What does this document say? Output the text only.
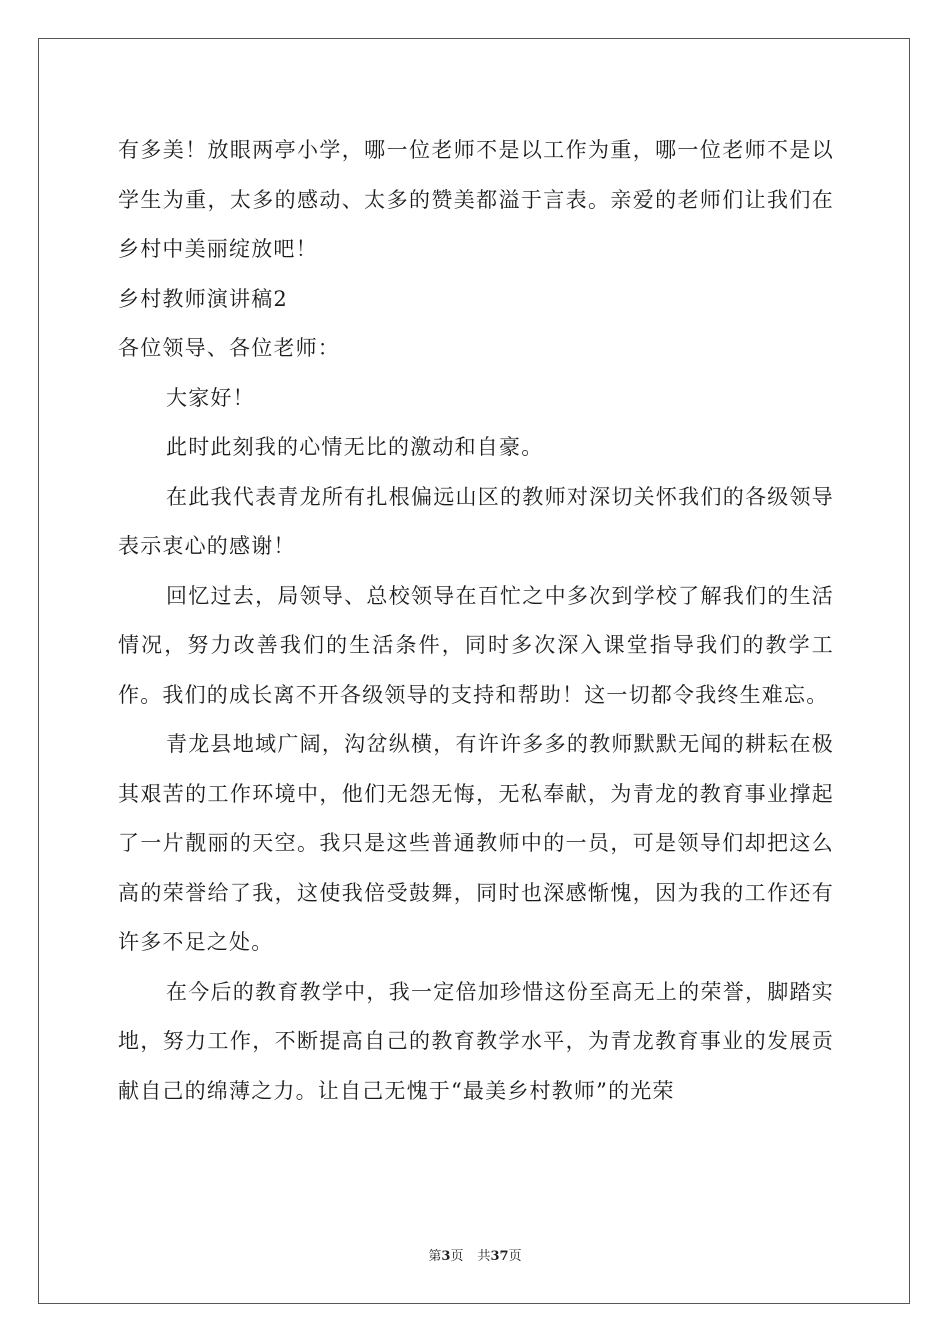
有多美！放眼两亭小学，哪一位老师不是以工作为重，哪一位老师不是以学生为重，太多的感动、太多的赞美都溢于言表。亲爱的老师们让我们在乡村中美丽绽放吧！

乡村教师演讲稿2

各位领导、各位老师：

大家好！

此时此刻我的心情无比的激动和自豪。

在此我代表青龙所有扎根偏远山区的教师对深切关怀我们的各级领导表示衷心的感谢！

回忆过去，局领导、总校领导在百忙之中多次到学校了解我们的生活情况，努力改善我们的生活条件，同时多次深入课堂指导我们的教学工作。我们的成长离不开各级领导的支持和帮助！这一切都令我终生难忘。

青龙县地域广阔，沟岔纵横，有许许多多的教师默默无闻的耕耘在极其艰苦的工作环境中，他们无怨无悔，无私奉献，为青龙的教育事业撑起了一片靓丽的天空。我只是这些普通教师中的一员，可是领导们却把这么高的荣誉给了我，这使我倍受鼓舞，同时也深感惭愧，因为我的工作还有许多不足之处。

在今后的教育教学中，我一定倍加珍惜这份至高无上的荣誉，脚踏实地，努力工作，不断提高自己的教育教学水平，为青龙教育事业的发展贡献自己的绵薄之力。让自己无愧于“最美乡村教师”的光荣

第3页 共37页
